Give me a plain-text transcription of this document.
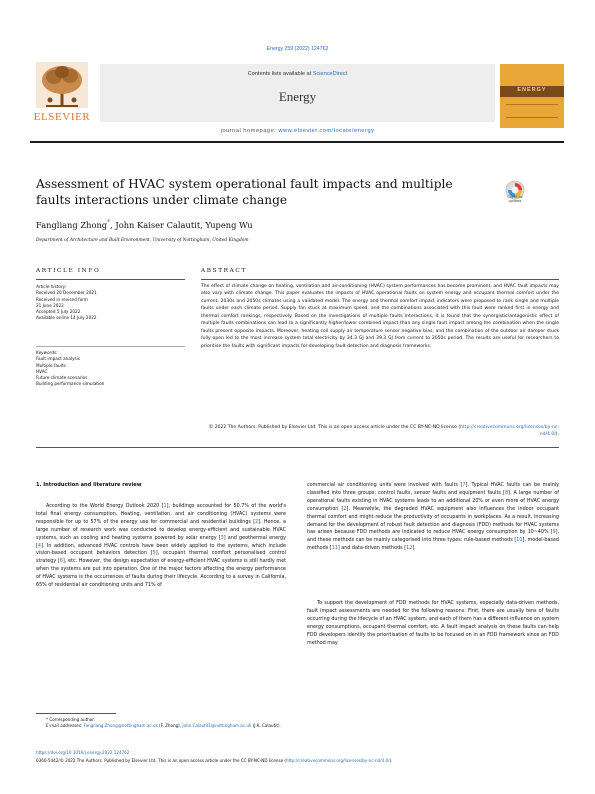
Energy 259 (2022) 124762
ELSEVIER
Contents lists available at ScienceDirect
Energy
journal homepage: www.elsevier.com/locate/energy
ENERGY
Assessment of HVAC system operational fault impacts and multiple faults interactions under climate change	Check for
updates
Fangliang Zhong*, John Kaiser Calautit, Yupeng Wu
Department of Architecture and Built Environment, University of Nottingham, United Kingdom
ARTICLE INFO	ABSTRACT
Article history:
Received 20 December 2021
Received in revised form
21 June 2022
Accepted 5 July 2022
Available online 14 July 2022
Keywords:
Fault impact analysis
Multiple faults
HVAC
Future climate scenarios
Building performance simulation
The effect of climate change on heating, ventilation and air-conditioning (HVAC) system performances has become prominent, and HVAC fault impacts may also vary with climate change. This paper evaluates the impacts of HVAC operational faults on system energy and occupant thermal comfort under the current, 2030s and 2050s climates using a validated model. The energy and thermal comfort impact indicators were proposed to rank single and multiple faults under each climate period. Supply fan stuck at maximum speed, and the combinations associated with this fault were ranked first in energy and thermal comfort rankings, respectively. Based on the investigations of multiple faults interactions, it is found that the synergistic/antagonistic effect of multiple faults combinations can lead to a significantly higher/lower combined impact than any single fault impact among the combination when the single faults present opposite impacts. Moreover, heating coil supply air temperature sensor negative bias, and the combination of the outdoor air damper stuck fully open led to the most increase system total electricity by 34.3 GJ and 39.3 GJ from current to 2050s period. The results are useful for researchers to prioritise the faults with significant impacts for developing fault detection and diagnosis frameworks.
© 2022 The Authors. Published by Elsevier Ltd. This is an open access article under the CC BY-NC-ND license (http://creativecommons.org/licenses/by-nc-nd/4.0/).
1. Introduction and literature review
According to the World Energy Outlook 2020 [1], buildings accounted for 50.7% of the world's total final energy consumption. Heating, ventilation, and air conditioning (HVAC) systems were responsible for up to 57% of the energy use for commercial and residential buildings [2]. Hence, a large number of research work was conducted to develop energy-efficient and sustainable HVAC systems, such as cooling and heating systems powered by solar energy [3] and geothermal energy [4]. In addition, advanced HVAC controls have been widely applied to the systems, which include vision-based occupant behaviors detection [5], occupant thermal comfort personalised control strategy [6], etc. However, the design expectation of energy-efficient HVAC systems is still hardly met when the systems are put into operation. One of the major factors affecting the energy performance of HVAC systems is the occurrences of faults during their lifecycle. According to a survey in California, 65% of residential air conditioning units and 71% of
commercial air conditioning units were involved with faults [7]. Typical HVAC faults can be mainly classified into three groups: control faults, sensor faults and equipment faults [8]. A large number of operational faults existing in HVAC systems leads to an additional 20% or even more of HVAC energy consumption [2]. Meanwhile, the degraded HVAC equipment also influences the indoor occupant thermal comfort and might reduce the productivity of occupants in workplaces. As a result, increasing demand for the development of robust fault detection and diagnosis (FDD) methods for HVAC systems has arisen because FDD methods are indicated to reduce HVAC energy consumption by 10~40% [9], and these methods can be mainly categorised into three types: rule-based methods [10], model-based methods [11] and data-driven methods [12].
To support the development of FDD methods for HVAC systems, especially data-driven methods, fault impact assessments are needed for the following reasons: First, there are usually tens of faults occurring during the lifecycle of an HVAC system, and each of them has a different influence on system energy consumptions, occupant thermal comfort, etc. A fault impact analysis on these faults can help FDD developers identify the prioritisation of faults to be focused on in an FDD framework since an FDD method may
* Corresponding author.
E-mail addresses: Fangliang.Zhong@nottingham.ac.uk (F. Zhong), John.Calautit1@nottingham.ac.uk (J.K. Calautit).
https://doi.org/10.1016/j.energy.2022.124762
0360-5442/© 2022 The Authors. Published by Elsevier Ltd. This is an open access article under the CC BY-NC-ND license (http://creativecommons.org/licenses/by-nc-nd/4.0/).
